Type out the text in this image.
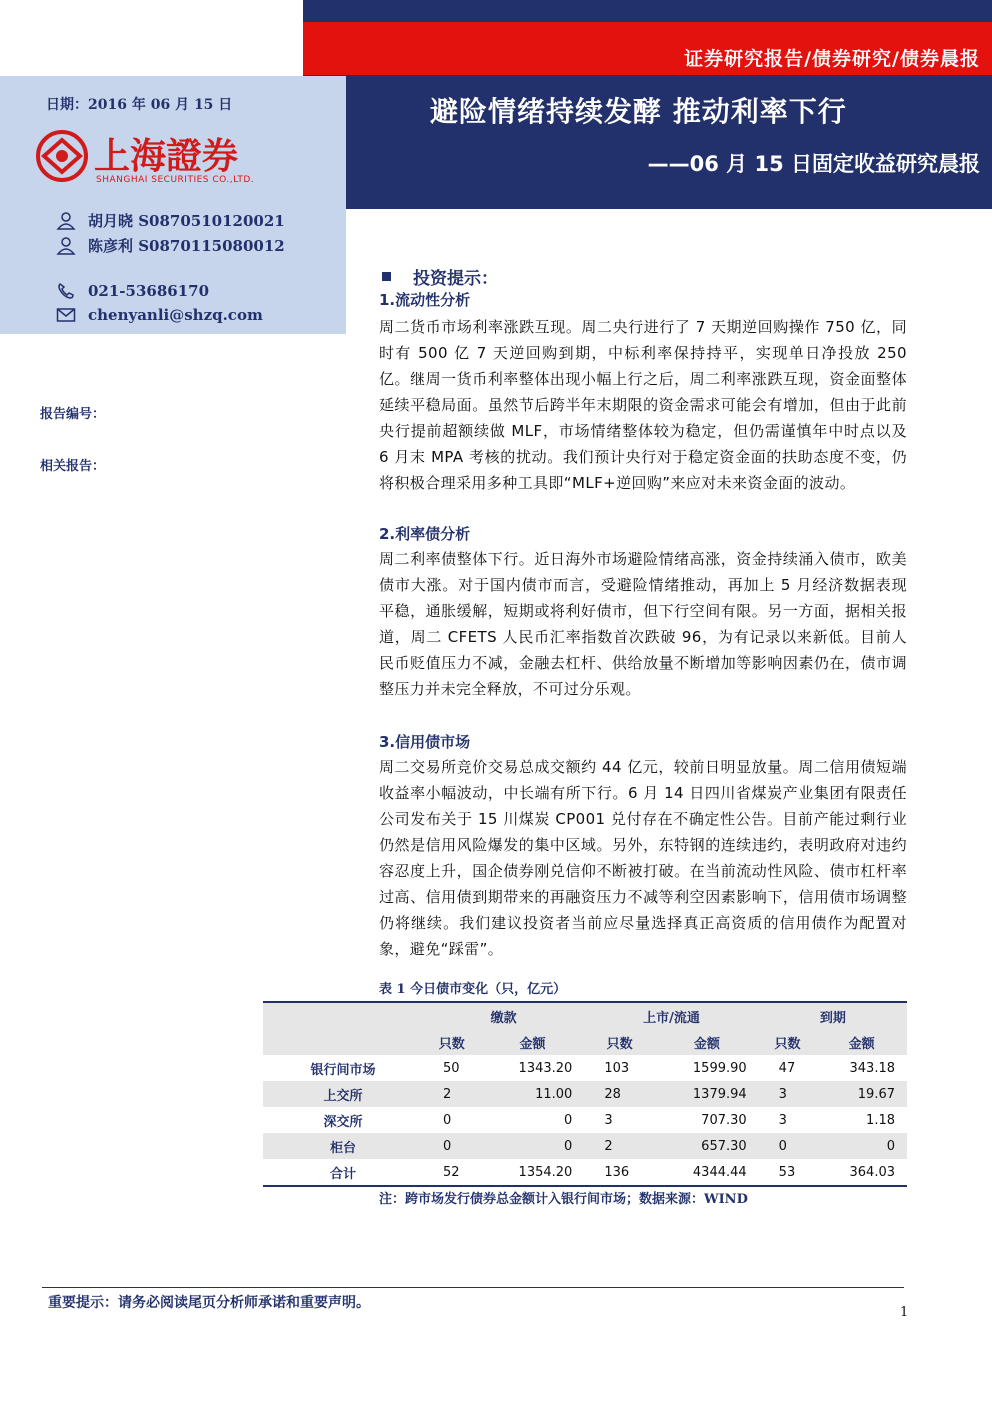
证券研究报告/债券研究/债券晨报
避险情绪持续发酵 推动利率下行
——06 月 15 日固定收益研究晨报
日期：2016 年 06 月 15 日
上海證券
SHANGHAI SECURITIES CO.,LTD.
胡月晓 S0870510120021
陈彦利 S0870115080012
021-53686170
chenyanli@shzq.com
报告编号：
相关报告：
投资提示：
1.流动性分析
周二货币市场利率涨跌互现。周二央行进行了 7 天期逆回购操作 750 亿，同时有 500 亿 7 天逆回购到期，中标利率保持持平，实现单日净投放 250 亿。继周一货币利率整体出现小幅上行之后，周二利率涨跌互现，资金面整体延续平稳局面。虽然节后跨半年末期限的资金需求可能会有增加，但由于此前央行提前超额续做 MLF，市场情绪整体较为稳定，但仍需谨慎年中时点以及 6 月末 MPA 考核的扰动。我们预计央行对于稳定资金面的扶助态度不变，仍将积极合理采用多种工具即“MLF+逆回购”来应对未来资金面的波动。
2.利率债分析
周二利率债整体下行。近日海外市场避险情绪高涨，资金持续涌入债市，欧美债市大涨。对于国内债市而言，受避险情绪推动，再加上 5 月经济数据表现平稳，通胀缓解，短期或将利好债市，但下行空间有限。另一方面，据相关报道，周二 CFETS 人民币汇率指数首次跌破 96，为有记录以来新低。目前人民币贬值压力不减，金融去杠杆、供给放量不断增加等影响因素仍在，债市调整压力并未完全释放，不可过分乐观。
3.信用债市场
周二交易所竞价交易总成交额约 44 亿元，较前日明显放量。周二信用债短端收益率小幅波动，中长端有所下行。6 月 14 日四川省煤炭产业集团有限责任公司发布关于 15 川煤炭 CP001 兑付存在不确定性公告。目前产能过剩行业仍然是信用风险爆发的集中区域。另外，东特钢的连续违约，表明政府对违约容忍度上升，国企债券刚兑信仰不断被打破。在当前流动性风险、债市杠杆率过高、信用债到期带来的再融资压力不减等利空因素影响下，信用债市场调整仍将继续。我们建议投资者当前应尽量选择真正高资质的信用债作为配置对象，避免“踩雷”。
表 1 今日债市变化（只，亿元）
	缴款		上市/流通		到期	
	只数	金额	只数	金额	只数	金额
银行间市场	50	1343.20	103	1599.90	47	343.18
上交所	2	11.00	28	1379.94	3	19.67
深交所	0	0	3	707.30	3	1.18
柜台	0	0	2	657.30	0	0
合计	52	1354.20	136	4344.44	53	364.03
注：跨市场发行债券总金额计入银行间市场；数据来源：WIND
重要提示：请务必阅读尾页分析师承诺和重要声明。
1
